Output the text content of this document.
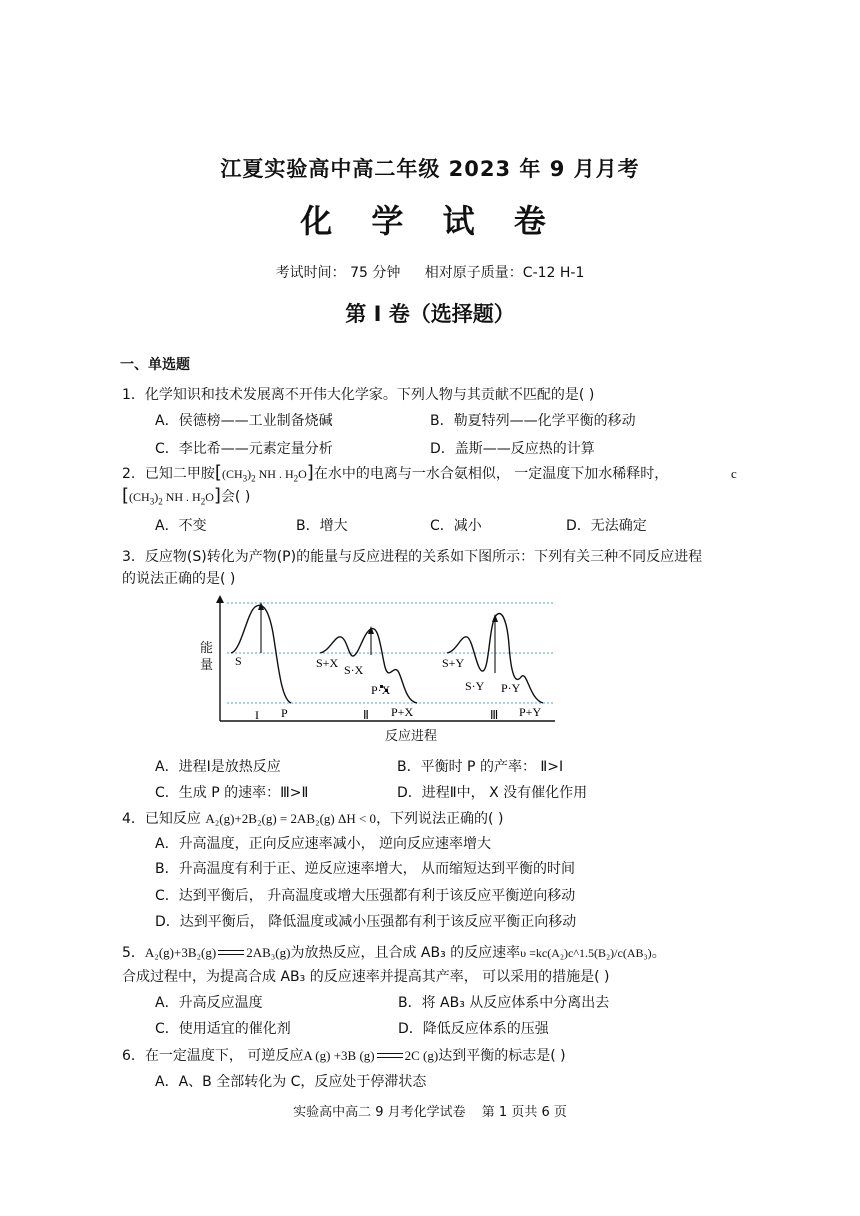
江夏实验高中高二年级 2023 年 9 月月考
化 学 试 卷
考试时间： 75 分钟 相对原子质量：C-12 H-1
第 I 卷（选择题）
一、单选题
1．化学知识和技术发展离不开伟大化学家。下列人物与其贡献不匹配的是( )
A．侯德榜——工业制备烧碱	B．勒夏特列——化学平衡的移动
C．李比希——元素定量分析	D．盖斯——反应热的计算
2．已知二甲胺[$(CH_3)_2$ NH . $H_2O$]在水中的电离与一水合氨相似， 一定温度下加水稀释时，	c
[$(CH_3)_2$ NH . $H_2O$]会( )
A．不变	B．增大	C．减小	D．无法确定
3．反应物(S)转化为产物(P)的能量与反应进程的关系如下图所示：下列有关三种不同反应进程
的说法正确的是( )
S
P
I
S+X S·X
P·X
P+X
Ⅱ
S+Y
S·Y P·Y
P+Y
Ⅲ
能量
反应进程
A．进程Ⅰ是放热反应	B．平衡时 P 的产率： Ⅱ>Ⅰ
C．生成 P 的速率：Ⅲ>Ⅱ	D．进程Ⅱ中， X 没有催化作用
4．已知反应 A₂(g)+2B₂(g) = 2AB₂(g) ΔH < 0，下列说法正确的( )
A．升高温度，正向反应速率减小， 逆向反应速率增大
B．升高温度有利于正、逆反应速率增大， 从而缩短达到平衡的时间
C．达到平衡后， 升高温度或增大压强都有利于该反应平衡逆向移动
D．达到平衡后， 降低温度或减小压强都有利于该反应平衡正向移动
5．A₂(g)+3B₂(g) 2AB₃(g)为放热反应，且合成 AB₃ 的反应速率υ =kc(A₂)c^1.5(B₂)/c(AB₃)。
合成过程中，为提高合成 AB₃ 的反应速率并提高其产率， 可以采用的措施是( )
A．升高反应温度	B．将 AB₃ 从反应体系中分离出去
C．使用适宜的催化剂	D．降低反应体系的压强
6．在一定温度下， 可逆反应A (g) +3B (g) 2C (g)达到平衡的标志是( )
A．A、B 全部转化为 C，反应处于停滞状态
实验高中高二 9 月考化学试卷 第 1 页共 6 页
